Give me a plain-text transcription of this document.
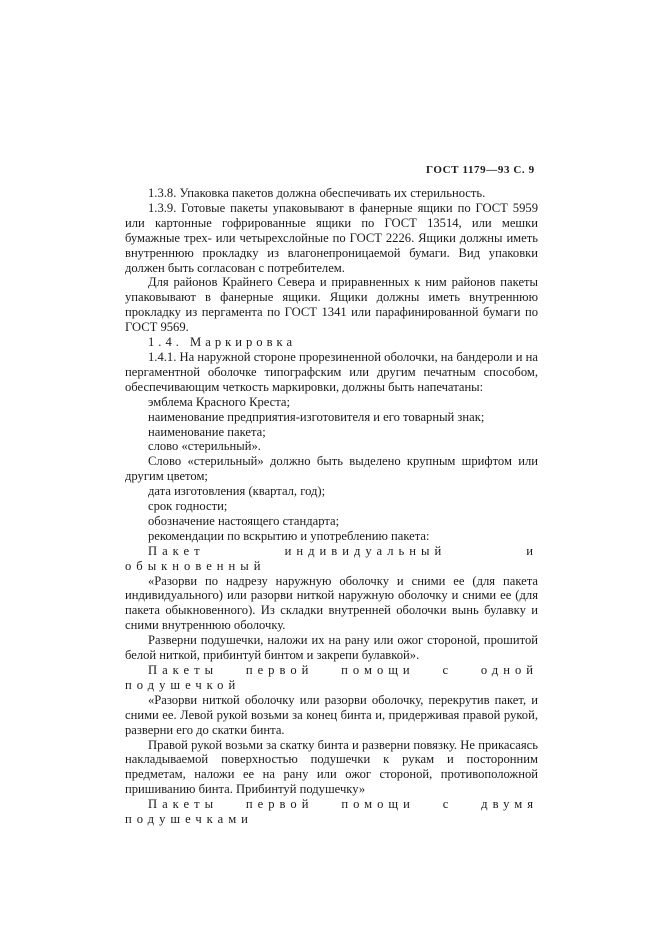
ГОСТ 1179—93 С. 9

1.3.8. Упаковка пакетов должна обеспечивать их стерильность.

1.3.9. Готовые пакеты упаковывают в фанерные ящики по ГОСТ 5959 или картонные гофрированные ящики по ГОСТ 13514, или мешки бумажные трех- или четырехслойные по ГОСТ 2226. Ящики должны иметь внутреннюю прокладку из влагонепроницаемой бумаги. Вид упаковки должен быть согласован с потребителем.

Для районов Крайнего Севера и приравненных к ним районов пакеты упаковывают в фанерные ящики. Ящики должны иметь внутреннюю прокладку из пергамента по ГОСТ 1341 или парафинированной бумаги по ГОСТ 9569.

1.4. Маркировка

1.4.1. На наружной стороне прорезиненной оболочки, на бандероли и на пергаментной оболочке типографским или другим печатным способом, обеспечивающим четкость маркировки, должны быть напечатаны:

эмблема Красного Креста;

наименование предприятия-изготовителя и его товарный знак;

наименование пакета;

слово «стерильный».

Слово «стерильный» должно быть выделено крупным шрифтом или другим цветом;

дата изготовления (квартал, год);

срок годности;

обозначение настоящего стандарта;

рекомендации по вскрытию и употреблению пакета:

Пакет индивидуальный и обыкновенный

«Разорви по надрезу наружную оболочку и сними ее (для пакета индивидуального) или разорви ниткой наружную оболочку и сними ее (для пакета обыкновенного). Из складки внутренней оболочки вынь булавку и сними внутреннюю оболочку.

Разверни подушечки, наложи их на рану или ожог стороной, прошитой белой ниткой, прибинтуй бинтом и закрепи булавкой».

Пакеты первой помощи с одной подушечкой

«Разорви ниткой оболочку или разорви оболочку, перекрутив пакет, и сними ее. Левой рукой возьми за конец бинта и, придерживая правой рукой, разверни его до скатки бинта.

Правой рукой возьми за скатку бинта и разверни повязку. Не прикасаясь накладываемой поверхностью подушечки к рукам и посторонним предметам, наложи ее на рану или ожог стороной, противоположной пришиванию бинта. Прибинтуй подушечку»

Пакеты первой помощи с двумя подушечками
